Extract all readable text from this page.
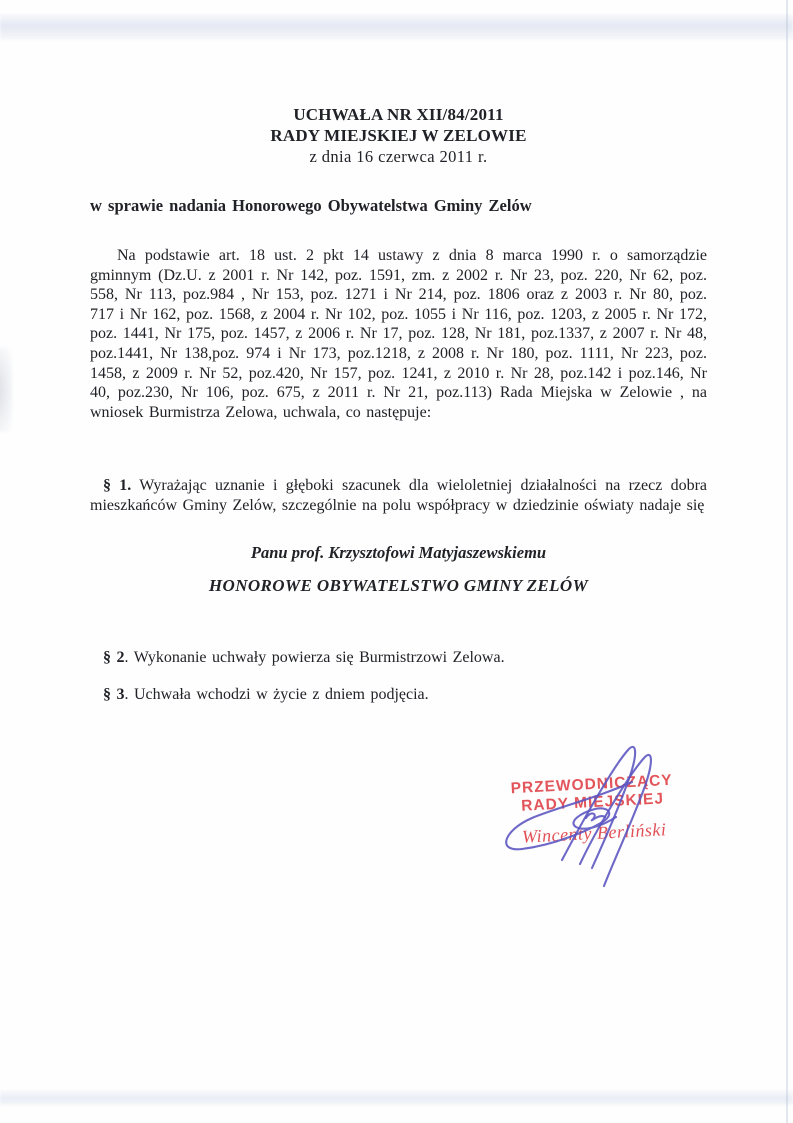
UCHWAŁA NR XII/84/2011
RADY MIEJSKIEJ W ZELOWIE
z dnia 16 czerwca 2011 r.
w sprawie nadania Honorowego Obywatelstwa Gminy Zelów
Na podstawie art. 18 ust. 2 pkt 14 ustawy z dnia 8 marca 1990 r. o samorządzie gminnym (Dz.U. z 2001 r. Nr 142, poz. 1591, zm. z 2002 r. Nr 23, poz. 220, Nr 62, poz. 558, Nr 113, poz.984 , Nr 153, poz. 1271 i Nr 214, poz. 1806 oraz z 2003 r. Nr 80, poz. 717 i Nr 162, poz. 1568, z 2004 r. Nr 102, poz. 1055 i Nr 116, poz. 1203, z 2005 r. Nr 172, poz. 1441, Nr 175, poz. 1457, z 2006 r. Nr 17, poz. 128, Nr 181, poz.1337, z 2007 r. Nr 48, poz.1441, Nr 138,poz. 974 i Nr 173, poz.1218, z 2008 r. Nr 180, poz. 1111, Nr 223, poz. 1458, z 2009 r. Nr 52, poz.420, Nr 157, poz. 1241, z 2010 r. Nr 28, poz.142 i poz.146, Nr 40, poz.230, Nr 106, poz. 675, z 2011 r. Nr 21, poz.113) Rada Miejska w Zelowie , na wniosek Burmistrza Zelowa, uchwala, co następuje:

§ 1. Wyrażając uznanie i głęboki szacunek dla wieloletniej działalności na rzecz dobra mieszkańców Gminy Zelów, szczególnie na polu współpracy w dziedzinie oświaty nadaje się

Panu prof. Krzysztofowi Matyjaszewskiemu
HONOROWE OBYWATELSTWO GMINY ZELÓW

§ 2. Wykonanie uchwały powierza się Burmistrzowi Zelowa.

§ 3. Uchwała wchodzi w życie z dniem podjęcia.

PRZEWODNICZĄCY
RADY MIEJSKIEJ
Wincenty Berliński
